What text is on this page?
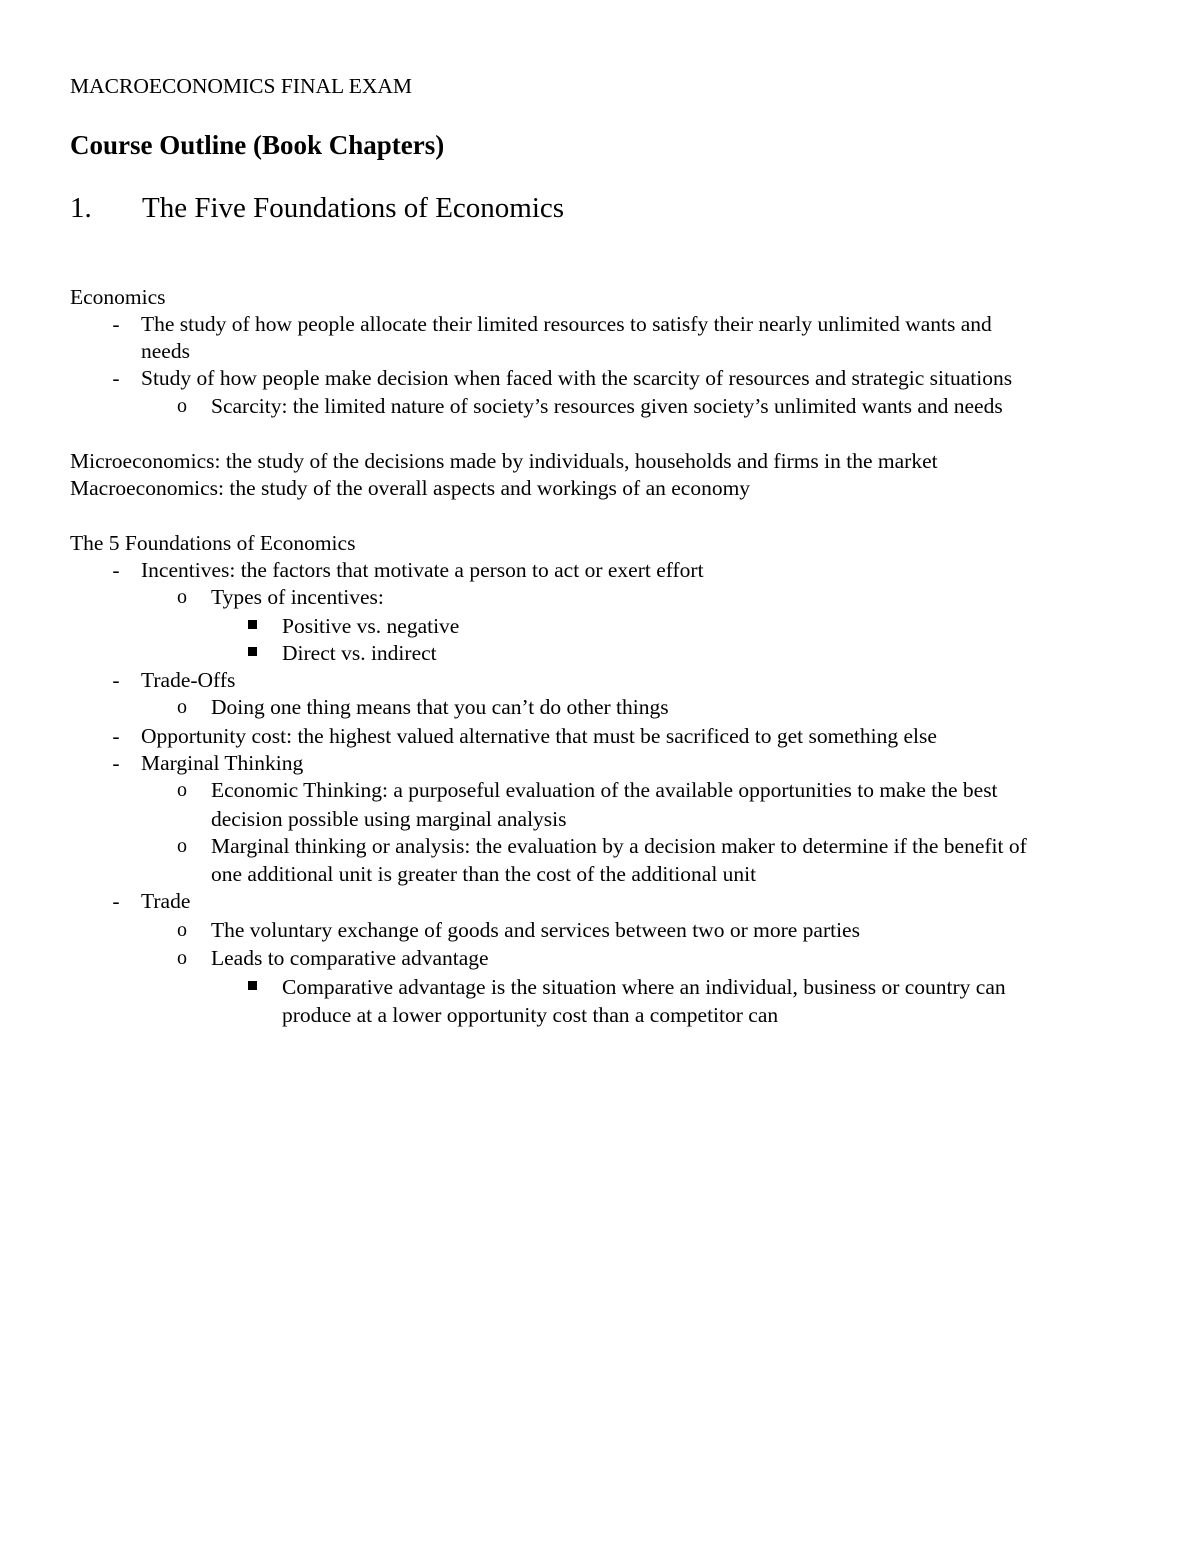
MACROECONOMICS FINAL EXAM
Course Outline (Book Chapters)
1. The Five Foundations of Economics
Economics
- The study of how people allocate their limited resources to satisfy their nearly unlimited wants and
needs
- Study of how people make decision when faced with the scarcity of resources and strategic situations
o Scarcity: the limited nature of society’s resources given society’s unlimited wants and needs
Microeconomics: the study of the decisions made by individuals, households and firms in the market
Macroeconomics: the study of the overall aspects and workings of an economy
The 5 Foundations of Economics
- Incentives: the factors that motivate a person to act or exert effort
o Types of incentives:
Positive vs. negative
Direct vs. indirect
- Trade-Offs
o Doing one thing means that you can’t do other things
- Opportunity cost: the highest valued alternative that must be sacrificed to get something else
- Marginal Thinking
o Economic Thinking: a purposeful evaluation of the available opportunities to make the best
decision possible using marginal analysis
o Marginal thinking or analysis: the evaluation by a decision maker to determine if the benefit of
one additional unit is greater than the cost of the additional unit
- Trade
o The voluntary exchange of goods and services between two or more parties
o Leads to comparative advantage
Comparative advantage is the situation where an individual, business or country can
produce at a lower opportunity cost than a competitor can
